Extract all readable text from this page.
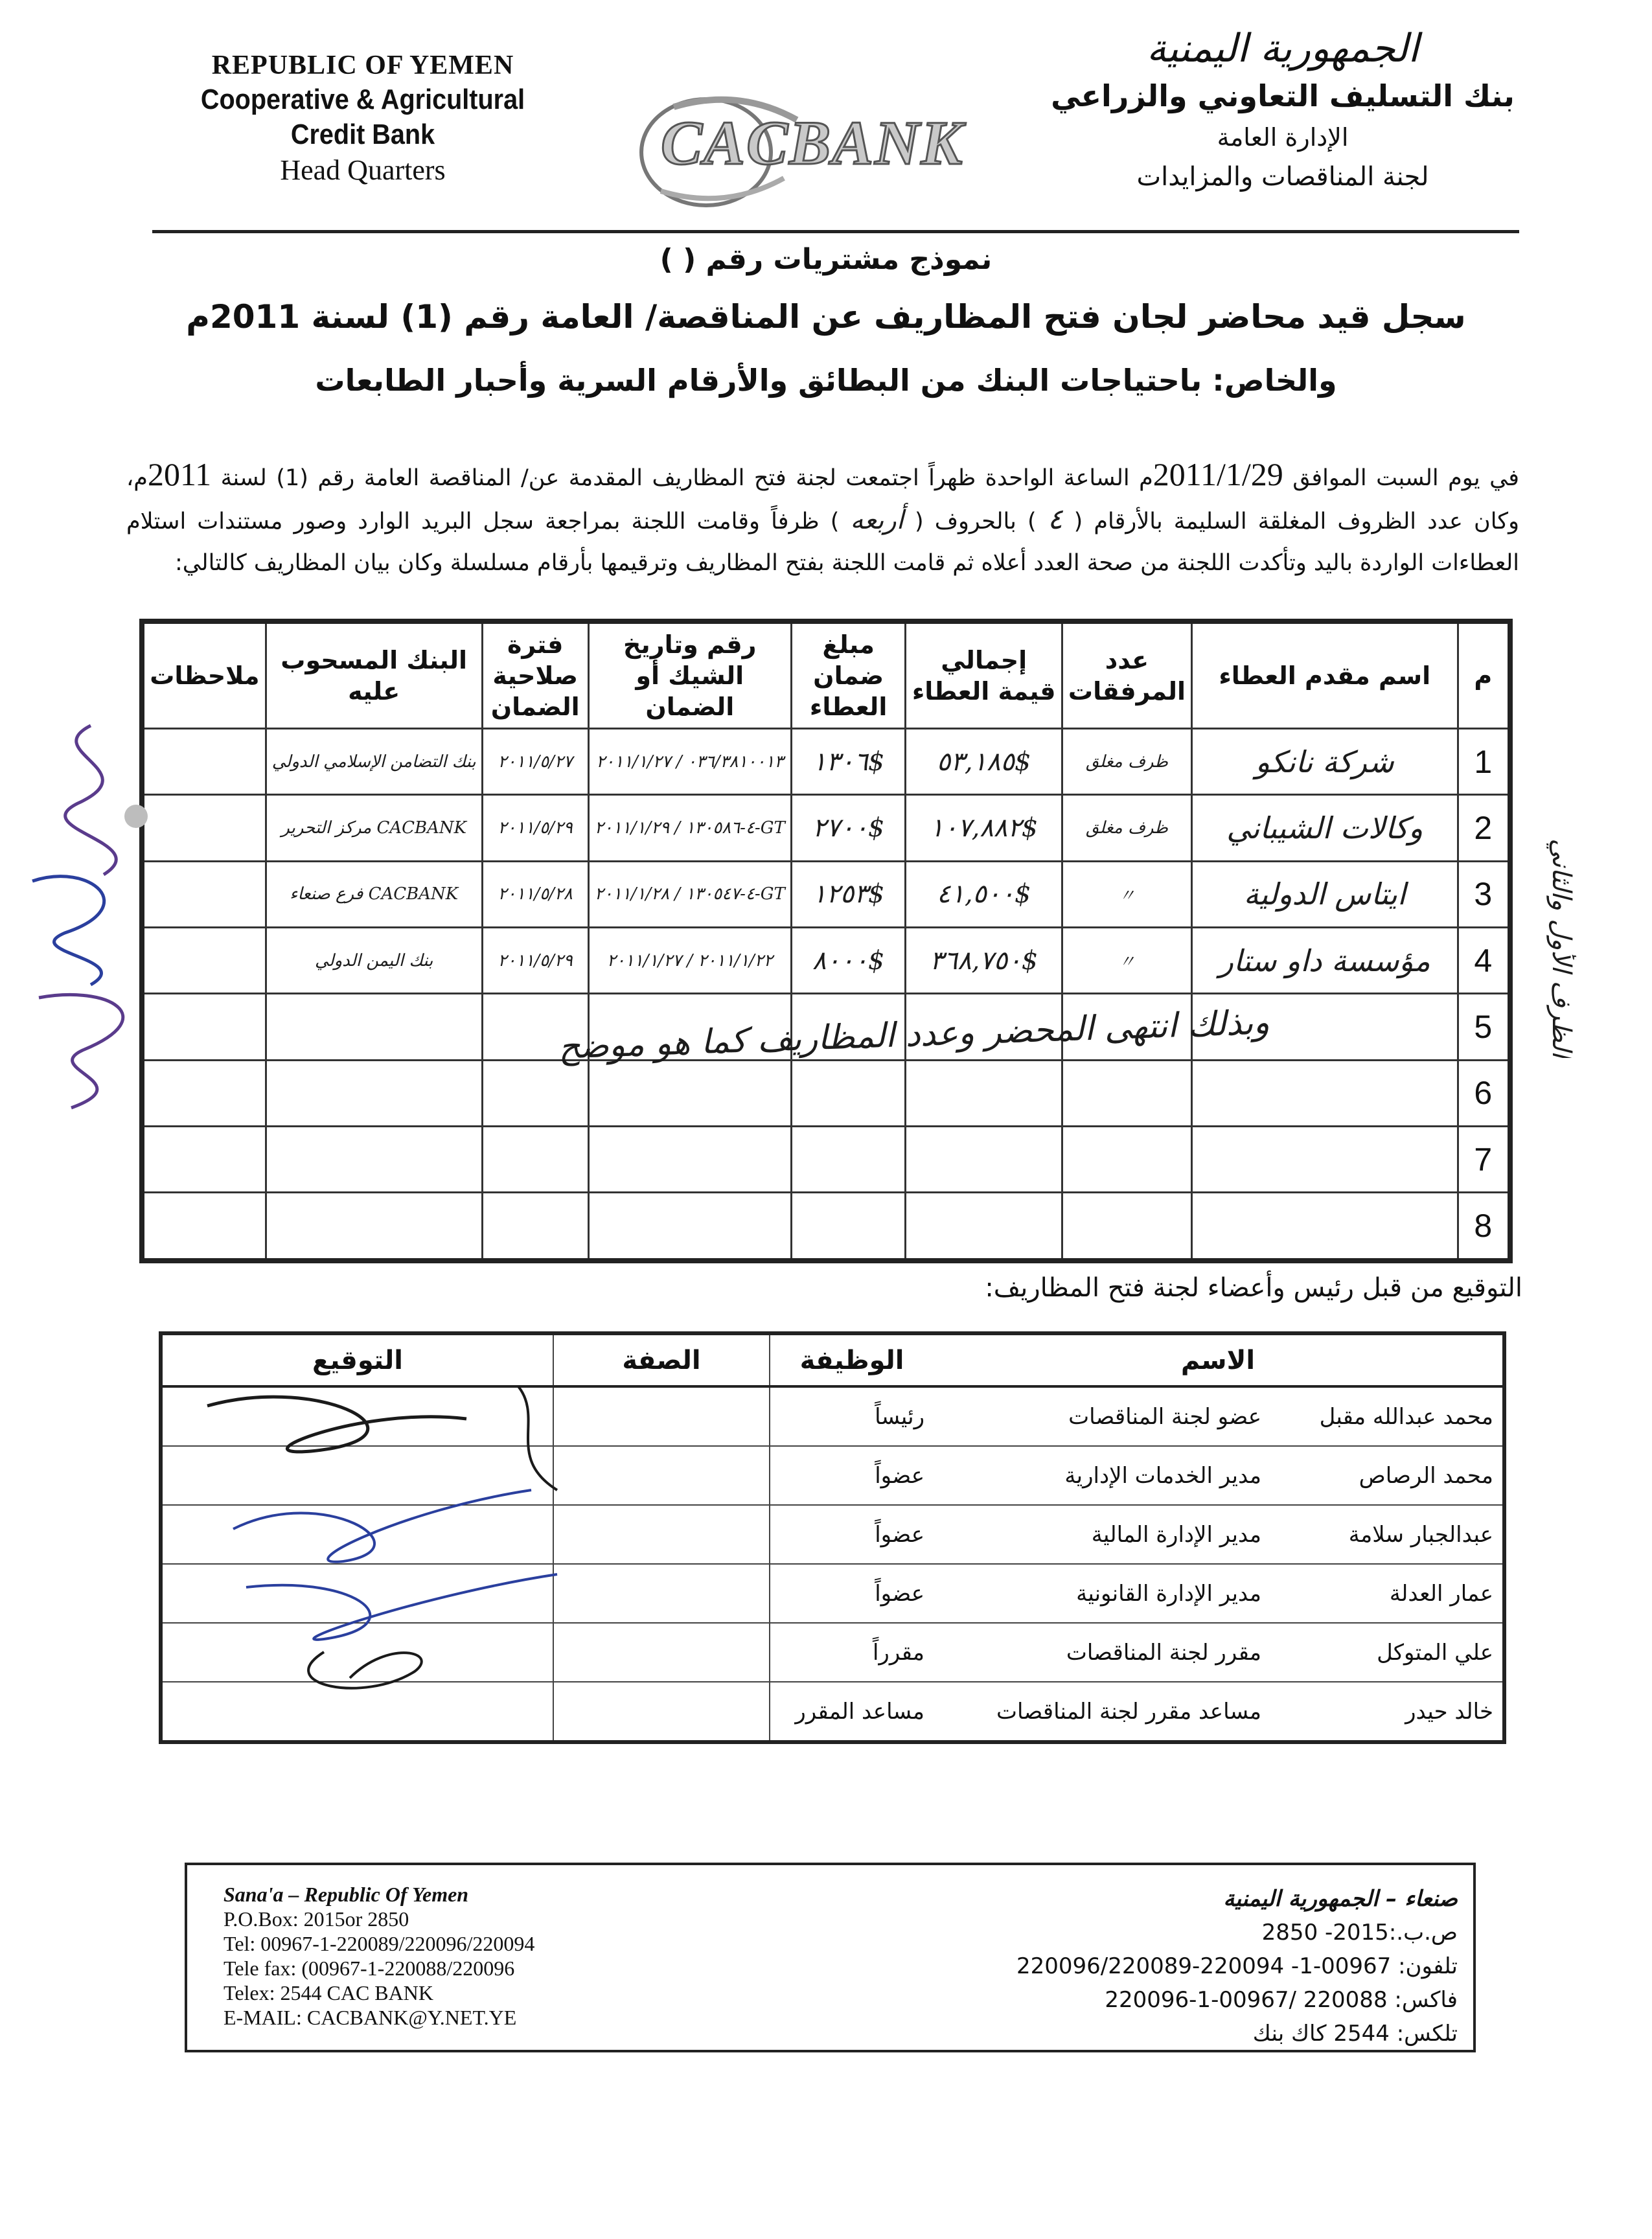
REPUBLIC OF YEMEN
Cooperative & Agricultural
Credit Bank
Head Quarters	CACBANK
الجمهورية اليمنية
بنك التسليف التعاوني والزراعي
الإدارة العامة
لجنة المناقصات والمزايدات
نموذج مشتريات رقم ( )
سجل قيد محاضر لجان فتح المظاريف عن المناقصة/ العامة رقم (1) لسنة 2011م
والخاص: باحتياجات البنك من البطائق والأرقام السرية وأحبار الطابعات
في يوم السبت الموافق 2011/1/29م الساعة الواحدة ظهراً اجتمعت لجنة فتح المظاريف المقدمة عن/ المناقصة العامة رقم (1) لسنة 2011م، وكان عدد الظروف المغلقة السليمة بالأرقام ( ٤ ) بالحروف ( أربعه ) ظرفاً وقامت اللجنة بمراجعة سجل البريد الوارد وصور مستندات استلام العطاءات الواردة باليد وتأكدت اللجنة من صحة العدد أعلاه ثم قامت اللجنة بفتح المظاريف وترقيمها بأرقام مسلسلة وكان بيان المظاريف كالتالي:
م	اسم مقدم العطاء	عدد المرفقات	إجمالي قيمة العطاء	مبلغ ضمان العطاء	رقم وتاريخ الشيك أو الضمان	فترة صلاحية الضمان	البنك المسحوب عليه	ملاحظات
1	شركة نانكو	ظرف مغلق	$٥٣,١٨٥	$١٣٠٦	٠٣٦/٣٨١٠٠١٣ / ٢٠١١/١/٢٧	٢٠١١/٥/٢٧	بنك التضامن الإسلامي الدولي	
2	وكالات الشيباني	ظرف مغلق	$١٠٧,٨٨٢	$٢٧٠٠	GT-٤-١٣٠٥٨٦ / ٢٠١١/١/٢٩	٢٠١١/٥/٢٩	CACBANK مركز التحرير	
3	ايتاس الدولية	〃	$٤١,٥٠٠	$١٢٥٣	GT-٤-١٣٠٥٤٧ / ٢٠١١/١/٢٨	٢٠١١/٥/٢٨	CACBANK فرع صنعاء	
4	مؤسسة داو ستار	〃	$٣٦٨,٧٥٠	$٨٠٠٠	٢٠١١/١/٢٢ / ٢٠١١/١/٢٧	٢٠١١/٥/٢٩	بنك اليمن الدولي	
5								
6								
7								
8								
وبذلك انتهى المحضر وعدد المظاريف كما هو موضح	الظرف الأول والثاني
التوقيع من قبل رئيس وأعضاء لجنة فتح المظاريف:
الاسم		الوظيفة	الصفة	التوقيع
محمد عبدالله مقبل	عضو لجنة المناقصات	رئيساً		
محمد الرصاص	مدير الخدمات الإدارية	عضواً		
عبدالجبار سلامة	مدير الإدارة المالية	عضواً		
عمار العدلة	مدير الإدارة القانونية	عضواً		
علي المتوكل	مقرر لجنة المناقصات	مقرراً		
خالد حيدر	مساعد مقرر لجنة المناقصات	مساعد المقرر		
Sana'a – Republic Of Yemen
P.O.Box: 2015or 2850
Tel: 00967-1-220089/220096/220094
Tele fax: (00967-1-220088/220096
Telex: 2544 CAC BANK
E-MAIL: CACBANK@Y.NET.YE
صنعاء – الجمهورية اليمنية
ص.ب.:2015- 2850
تلفون: 00967-1- 220094-220096/220089
فاكس: 220088 /00967-1-220096
تلكس: 2544 كاك بنك
